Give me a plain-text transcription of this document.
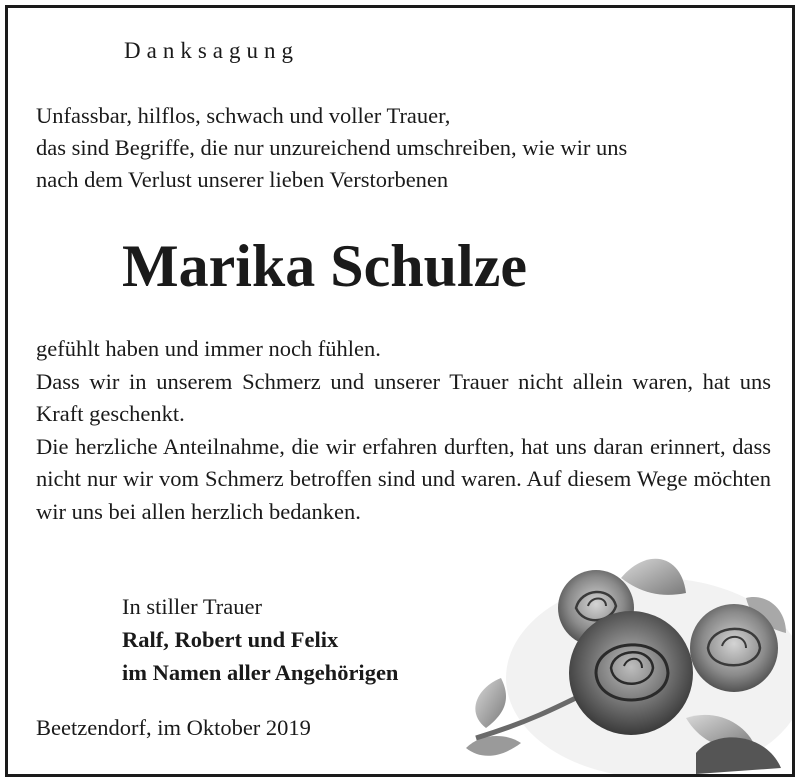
Danksagung
Unfassbar, hilflos, schwach und voller Trauer,
das sind Begriffe, die nur unzureichend umschreiben, wie wir uns
nach dem Verlust unserer lieben Verstorbenen
Marika Schulze

gefühlt haben und immer noch fühlen.

Dass wir in unserem Schmerz und unserer Trauer nicht allein waren, hat uns Kraft geschenkt.

Die herzliche Anteilnahme, die wir erfahren durften, hat uns daran erinnert, dass nicht nur wir vom Schmerz betroffen sind und waren. Auf diesem Wege möchten wir uns bei allen herzlich bedanken.

In stiller Trauer
Ralf, Robert und Felix
im Namen aller Angehörigen
Beetzendorf, im Oktober 2019
